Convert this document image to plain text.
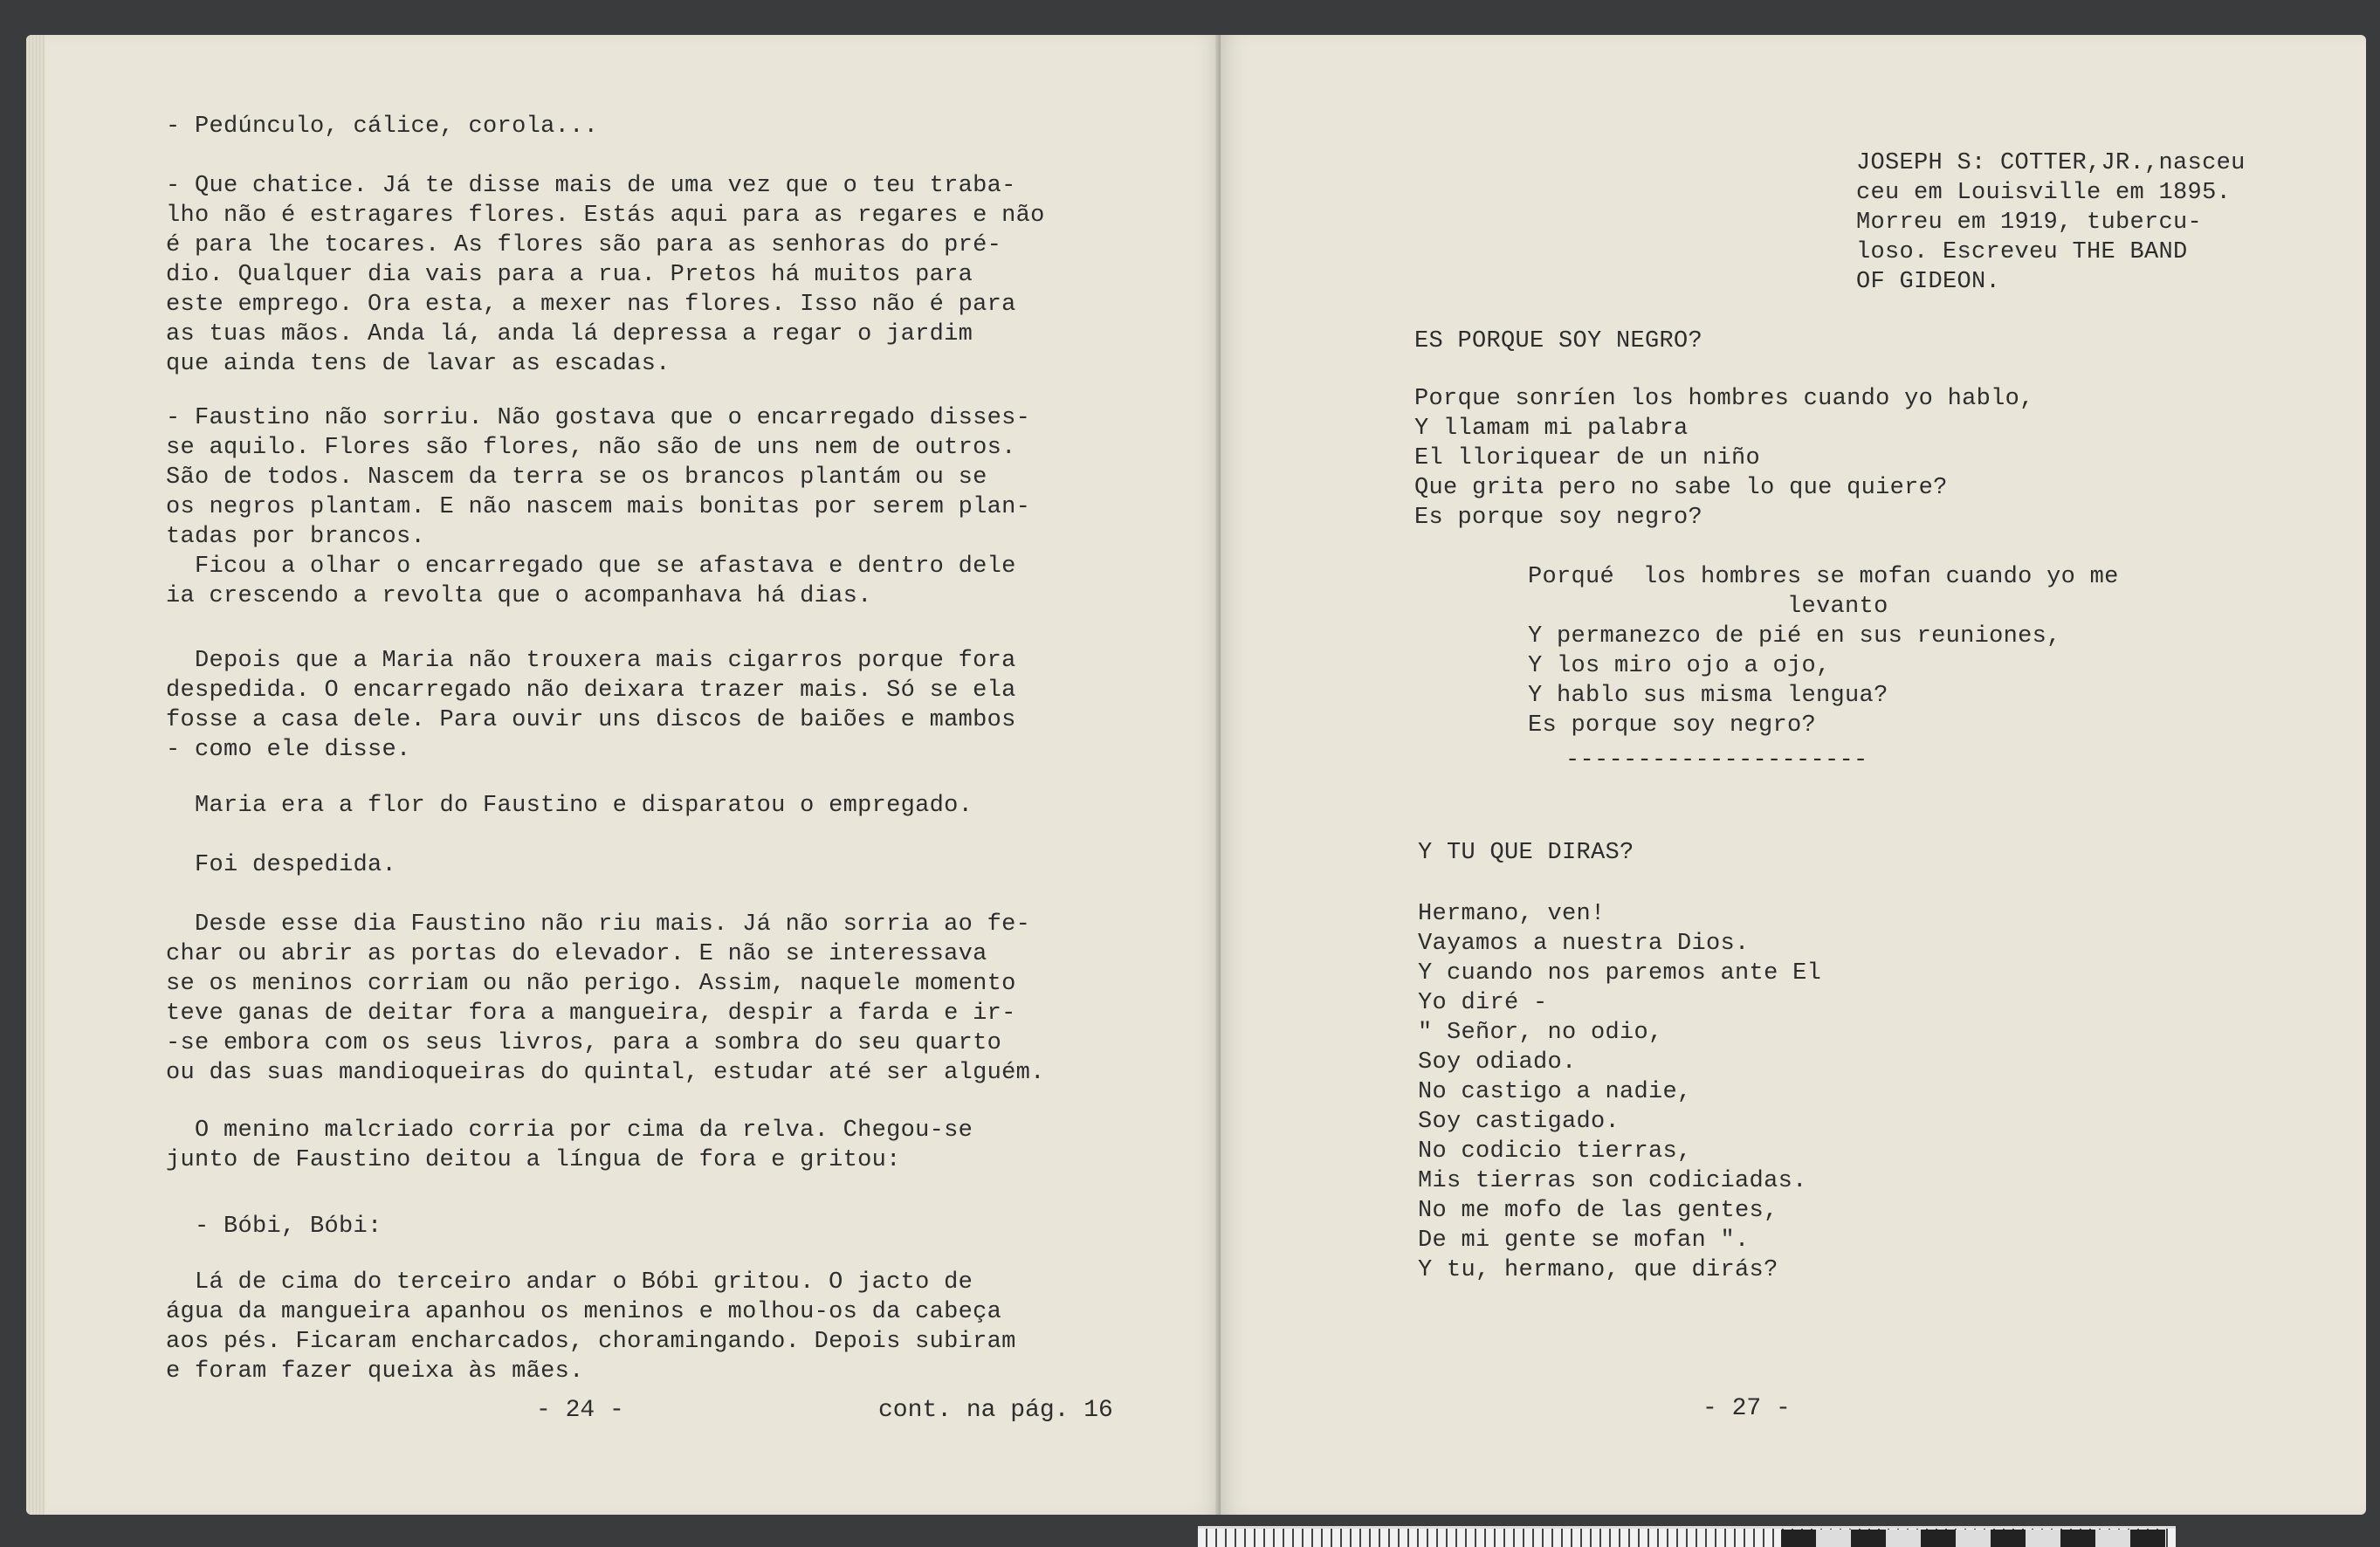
- Pedúnculo, cálice, corola...

- Que chatice. Já te disse mais de uma vez que o teu traba-
lho não é estragares flores. Estás aqui para as regares e não
é para lhe tocares. As flores são para as senhoras do pré-
dio. Qualquer dia vais para a rua. Pretos há muitos para
este emprego. Ora esta, a mexer nas flores. Isso não é para
as tuas mãos. Anda lá, anda lá depressa a regar o jardim
que ainda tens de lavar as escadas.

- Faustino não sorriu. Não gostava que o encarregado disses-
se aquilo. Flores são flores, não são de uns nem de outros.
São de todos. Nascem da terra se os brancos plantám ou se
os negros plantam. E não nascem mais bonitas por serem plan-
tadas por brancos.
Ficou a olhar o encarregado que se afastava e dentro dele
ia crescendo a revolta que o acompanhava há dias.

Depois que a Maria não trouxera mais cigarros porque fora
despedida. O encarregado não deixara trazer mais. Só se ela
fosse a casa dele. Para ouvir uns discos de baiões e mambos
- como ele disse.

Maria era a flor do Faustino e disparatou o empregado.

Foi despedida.

Desde esse dia Faustino não riu mais. Já não sorria ao fe-
char ou abrir as portas do elevador. E não se interessava
se os meninos corriam ou não perigo. Assim, naquele momento
teve ganas de deitar fora a mangueira, despir a farda e ir-
-se embora com os seus livros, para a sombra do seu quarto
ou das suas mandioqueiras do quintal, estudar até ser alguém.

O menino malcriado corria por cima da relva. Chegou-se
junto de Faustino deitou a língua de fora e gritou:

- Bóbi, Bóbi:

Lá de cima do terceiro andar o Bóbi gritou. O jacto de
água da mangueira apanhou os meninos e molhou-os da cabeça
aos pés. Ficaram encharcados, choramingando. Depois subiram
e foram fazer queixa às mães.

- 24 -	cont. na pág. 16

JOSEPH S: COTTER,JR.,nasceu
ceu em Louisville em 1895.
Morreu em 1919, tubercu-
loso. Escreveu THE BAND
OF GIDEON.

ES PORQUE SOY NEGRO?

Porque sonríen los hombres cuando yo hablo,
Y llamam mi palabra
El lloriquear de un niño
Que grita pero no sabe lo que quiere?
Es porque soy negro?

Porqué  los hombres se mofan cuando yo me
levanto
Y permanezco de pié en sus reuniones,
Y los miro ojo a ojo,
Y hablo sus misma lengua?
Es porque soy negro?

---------------------

Y TU QUE DIRAS?

Hermano, ven!
Vayamos a nuestra Dios.
Y cuando nos paremos ante El
Yo diré -
" Señor, no odio,
Soy odiado.
No castigo a nadie,
Soy castigado.
No codicio tierras,
Mis tierras son codiciadas.
No me mofo de las gentes,
De mi gente se mofan ".
Y tu, hermano, que dirás?

- 27 -
